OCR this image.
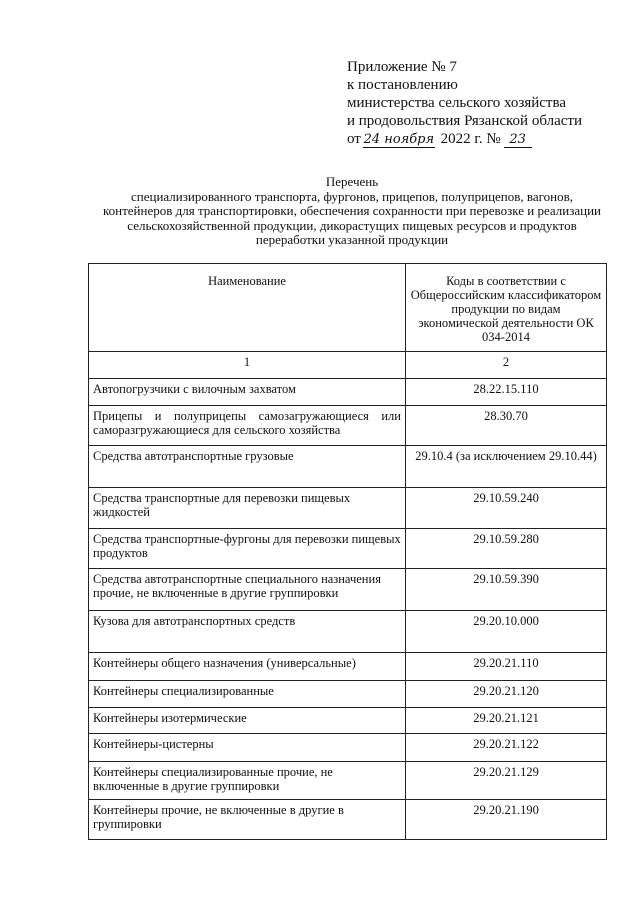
Приложение № 7
к постановлению
министерства сельского хозяйства
и продовольствия Рязанской области
от 24 ноября 2022 г. № 23
Перечень
специализированного транспорта, фургонов, прицепов, полуприцепов, вагонов,
контейнеров для транспортировки, обеспечения сохранности при перевозке и реализации
сельскохозяйственной продукции, дикорастущих пищевых ресурсов и продуктов
переработки указанной продукции
Наименование	Коды в соответствии с Общероссийским классификатором продукции по видам экономической деятельности ОК 034-2014
1	2
Автопогрузчики с вилочным захватом	28.22.15.110
Прицепы и полуприцепы самозагружающиеся или саморазгружающиеся для сельского хозяйства	28.30.70
Средства автотранспортные грузовые	29.10.4 (за исключением 29.10.44)
Средства транспортные для перевозки пищевых жидкостей	29.10.59.240
Средства транспортные-фургоны для перевозки пищевых продуктов	29.10.59.280
Средства автотранспортные специального назначения прочие, не включенные в другие группировки	29.10.59.390
Кузова для автотранспортных средств	29.20.10.000
Контейнеры общего назначения (универсальные)	29.20.21.110
Контейнеры специализированные	29.20.21.120
Контейнеры изотермические	29.20.21.121
Контейнеры-цистерны	29.20.21.122
Контейнеры специализированные прочие, не включенные в другие группировки	29.20.21.129
Контейнеры прочие, не включенные в другие в группировки	29.20.21.190
